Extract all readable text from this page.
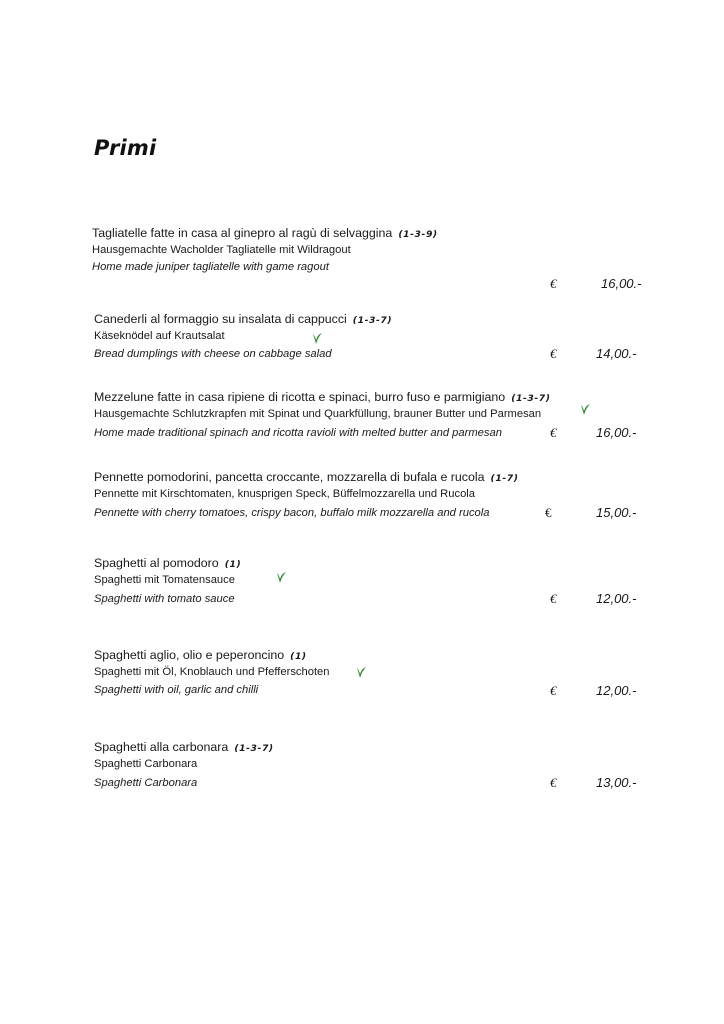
Primi
Tagliatelle fatte in casa al ginepro al ragù di selvaggina (1-3-9)
Hausgemachte Wacholder Tagliatelle mit Wildragout
Home made juniper tagliatelle with game ragout
€	16,00.-
Canederli al formaggio su insalata di cappucci (1-3-7)
Käseknödel auf Krautsalat
Bread dumplings with cheese on cabbage salad	€	14,00.-
Mezzelune fatte in casa ripiene di ricotta e spinaci, burro fuso e parmigiano (1-3-7)
Hausgemachte Schlutzkrapfen mit Spinat und Quarkfüllung, brauner Butter und Parmesan
Home made traditional spinach and ricotta ravioli with melted butter and parmesan	€	16,00.-
Pennette pomodorini, pancetta croccante, mozzarella di bufala e rucola (1-7)
Pennette mit Kirschtomaten, knusprigen Speck, Büffelmozzarella und Rucola
Pennette with cherry tomatoes, crispy bacon, buffalo milk mozzarella and rucola	€	15,00.-
Spaghetti al pomodoro (1)
Spaghetti mit Tomatensauce
Spaghetti with tomato sauce	€	12,00.-
Spaghetti aglio, olio e peperoncino (1)
Spaghetti mit Öl, Knoblauch und Pfefferschoten
Spaghetti with oil, garlic and chilli	€	12,00.-
Spaghetti alla carbonara (1-3-7)
Spaghetti Carbonara
Spaghetti Carbonara	€	13,00.-
